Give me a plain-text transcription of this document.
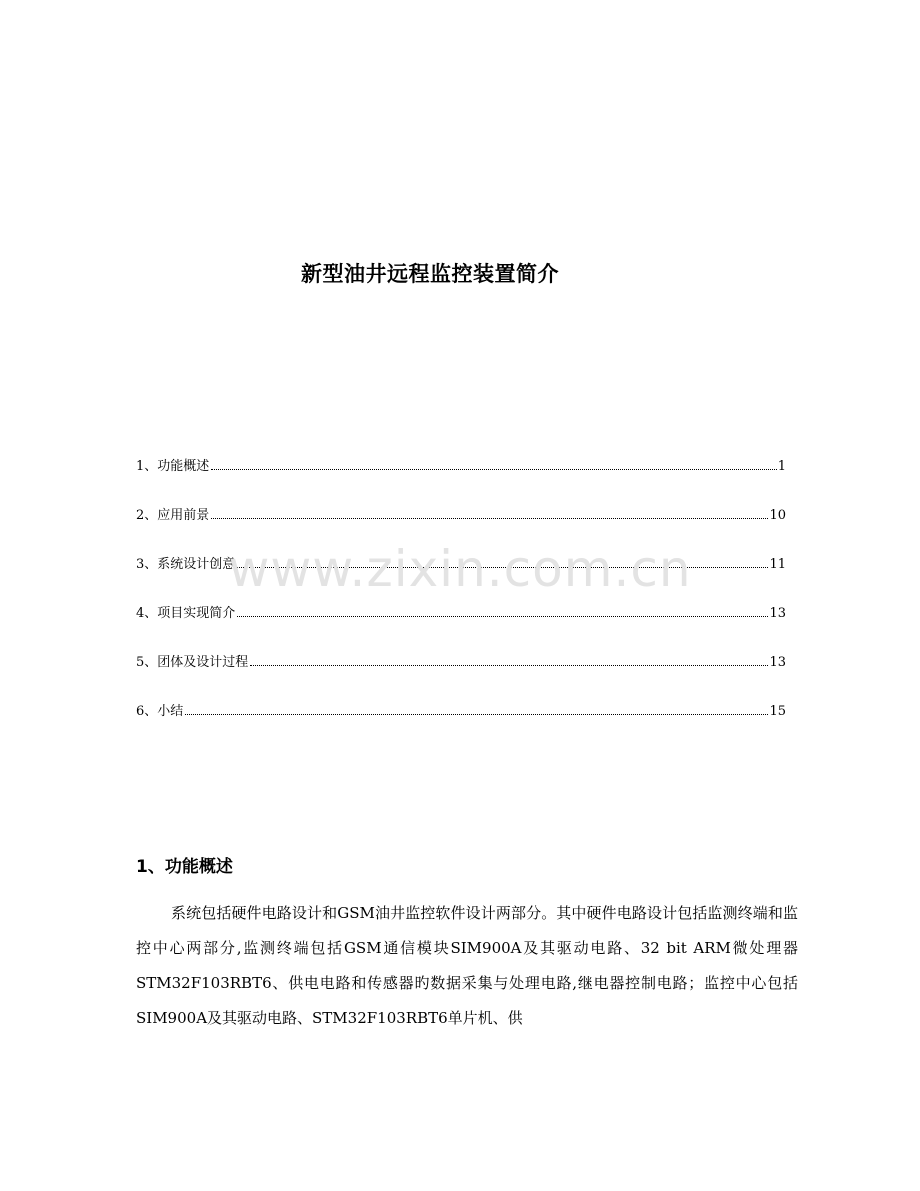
新型油井远程监控装置简介
1、功能概述	1
2、应用前景	10
3、系统设计创意	11
4、项目实现简介	13
5、团体及设计过程	13
6、小结	15
www.zixin.com.cn
1、功能概述

系统包括硬件电路设计和GSM油井监控软件设计两部分。其中硬件电路设计包括监测终端和监控中心两部分,监测终端包括GSM通信模块SIM900A及其驱动电路、32 bit ARM微处理器STM32F103RBT6、供电电路和传感器旳数据采集与处理电路,继电器控制电路；监控中心包括SIM900A及其驱动电路、STM32F103RBT6单片机、供
